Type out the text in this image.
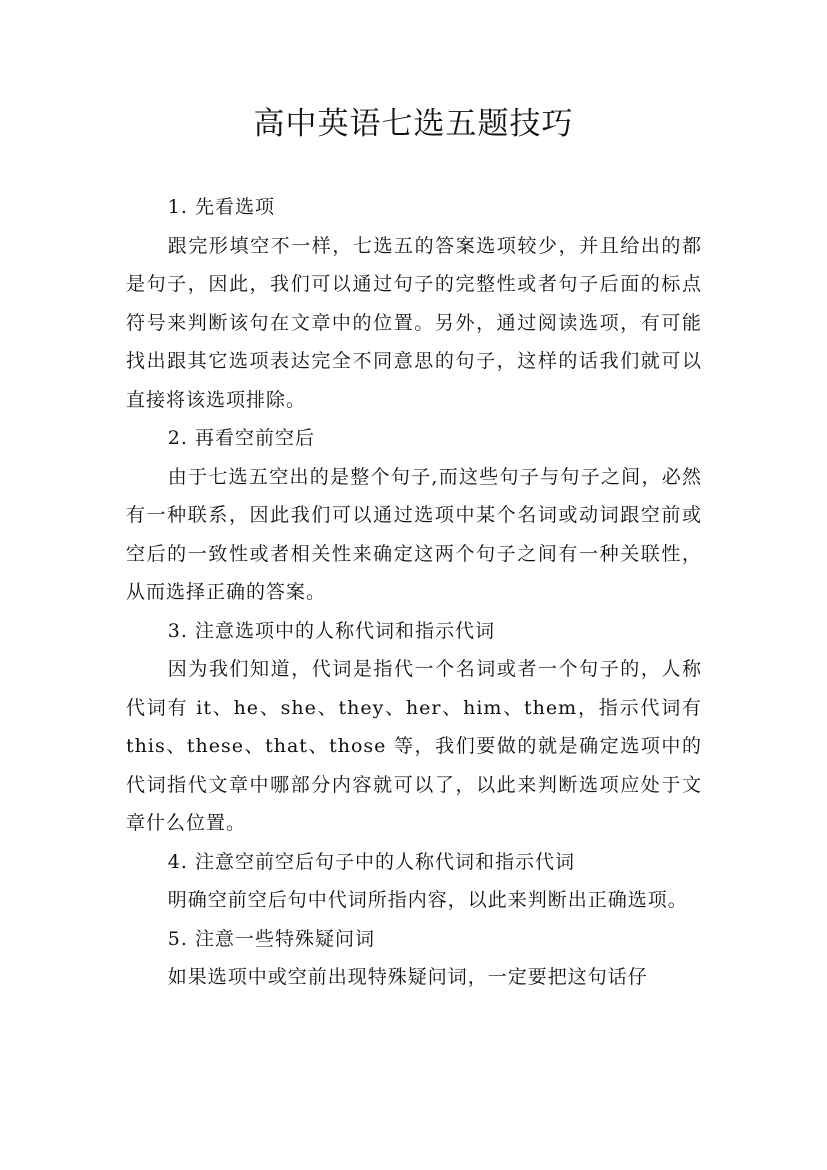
高中英语七选五题技巧

1. 先看选项

跟完形填空不一样，七选五的答案选项较少，并且给出的都是句子，因此，我们可以通过句子的完整性或者句子后面的标点符号来判断该句在文章中的位置。另外，通过阅读选项，有可能找出跟其它选项表达完全不同意思的句子，这样的话我们就可以直接将该选项排除。

2. 再看空前空后

由于七选五空出的是整个句子,而这些句子与句子之间，必然有一种联系，因此我们可以通过选项中某个名词或动词跟空前或空后的一致性或者相关性来确定这两个句子之间有一种关联性，从而选择正确的答案。

3. 注意选项中的人称代词和指示代词

因为我们知道，代词是指代一个名词或者一个句子的，人称代词有 it、he、she、they、her、him、them，指示代词有 this、these、that、those 等，我们要做的就是确定选项中的代词指代文章中哪部分内容就可以了，以此来判断选项应处于文章什么位置。

4. 注意空前空后句子中的人称代词和指示代词

明确空前空后句中代词所指内容，以此来判断出正确选项。

5. 注意一些特殊疑问词

如果选项中或空前出现特殊疑问词，一定要把这句话仔
